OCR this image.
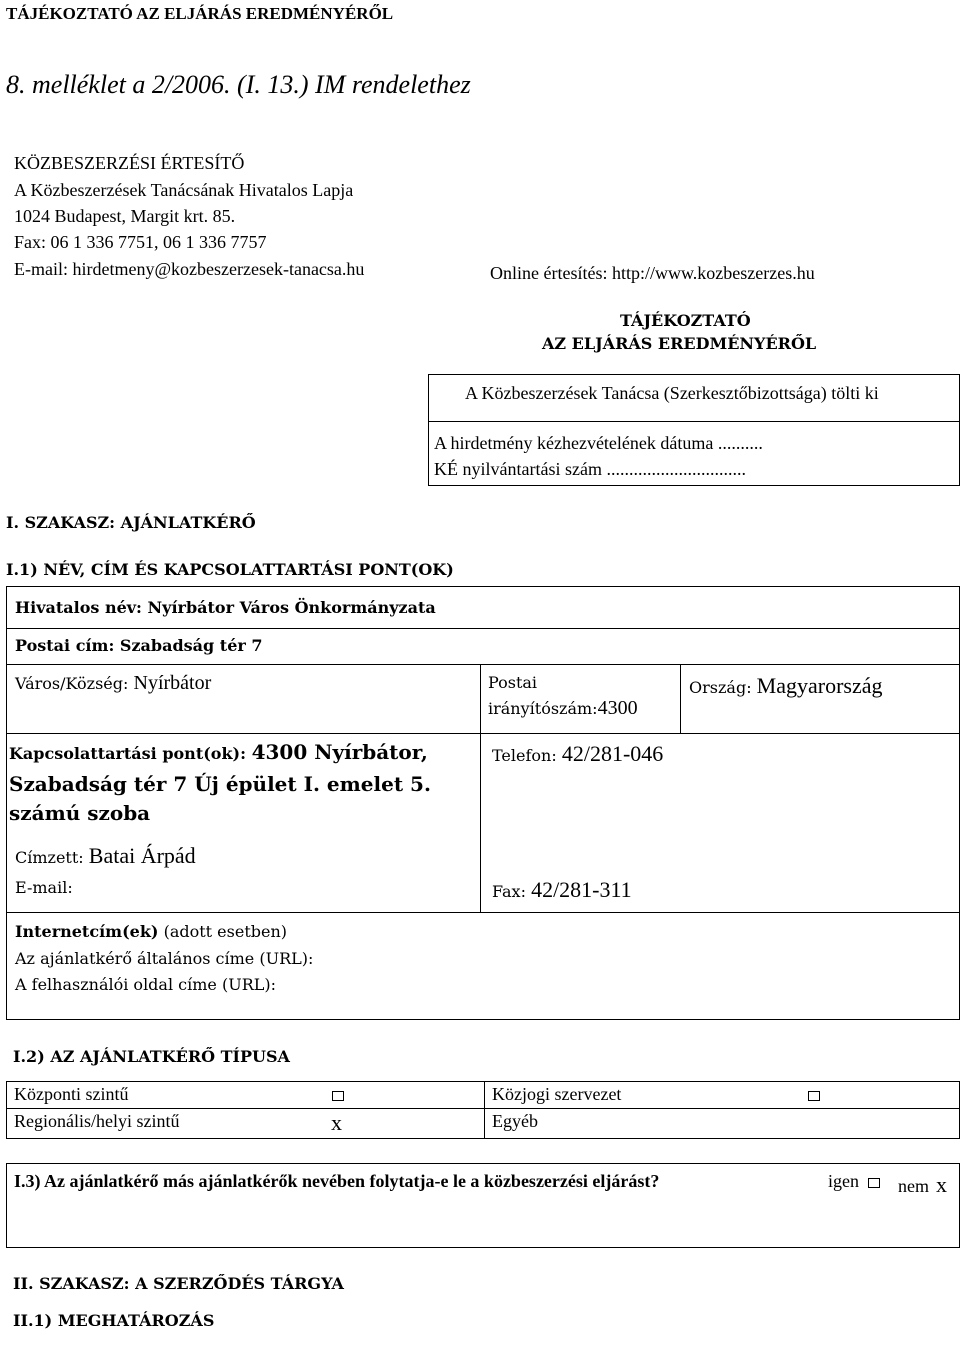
TÁJÉKOZTATÓ AZ ELJÁRÁS EREDMÉNYÉRŐL
8. melléklet a 2/2006. (I. 13.) IM rendelethez
KÖZBESZERZÉSI ÉRTESÍTŐ
A Közbeszerzések Tanácsának Hivatalos Lapja
1024 Budapest, Margit krt. 85.
Fax: 06 1 336 7751, 06 1 336 7757
E-mail: hirdetmeny@kozbeszerzesek-tanacsa.hu	Online értesítés: http://www.kozbeszerzes.hu
TÁJÉKOZTATÓ
AZ ELJÁRÁS EREDMÉNYÉRŐL
A Közbeszerzések Tanácsa (Szerkesztőbizottsága) tölti ki
A hirdetmény kézhezvételének dátuma ..........
KÉ nyilvántartási szám ...............................
I. SZAKASZ: AJÁNLATKÉRŐ
I.1) NÉV, CÍM ÉS KAPCSOLATTARTÁSI PONT(OK)
Hivatalos név: Nyírbátor Város Önkormányzata
Postai cím: Szabadság tér 7
Város/Község: Nyírbátor	Postai
irányítószám:4300
Ország: Magyarország
Kapcsolattartási pont(ok): 4300 Nyírbátor,
Szabadság tér 7 Új épület I. emelet 5.
számú szoba
Telefon: 42/281-046
Címzett: Batai Árpád
E-mail:	Fax: 42/281-311
Internetcím(ek) (adott esetben)
Az ajánlatkérő általános címe (URL):
A felhasználói oldal címe (URL):
I.2) AZ AJÁNLATKÉRŐ TÍPUSA
Központi szintű	Közjogi szervezet
Regionális/helyi szintű	x	Egyéb
I.3) Az ajánlatkérő más ajánlatkérők nevében folytatja-e le a közbeszerzési eljárást?	igen nem x
II. SZAKASZ: A SZERZŐDÉS TÁRGYA
II.1) MEGHATÁROZÁS
